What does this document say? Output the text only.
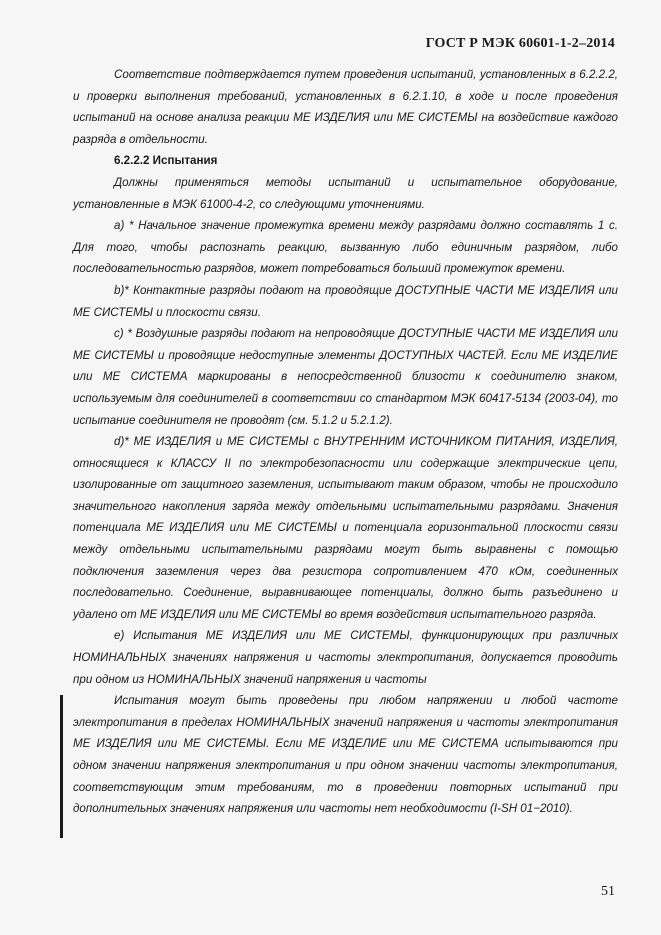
ГОСТ Р МЭК 60601-1-2–2014

Соответствие подтверждается путем проведения испытаний, установленных в 6.2.2.2, и проверки выполнения требований, установленных в 6.2.1.10, в ходе и после проведения испытаний на основе анализа реакции МЕ ИЗДЕЛИЯ или МЕ СИСТЕМЫ на воздействие каждого разряда в отдельности.

6.2.2.2 Испытания

Должны применяться методы испытаний и испытательное оборудование, установленные в МЭК 61000-4-2, со следующими уточнениями.

a) * Начальное значение промежутка времени между разрядами должно составлять 1 с. Для того, чтобы распознать реакцию, вызванную либо единичным разрядом, либо последовательностью разрядов, может потребоваться больший промежуток времени.

b)* Контактные разряды подают на проводящие ДОСТУПНЫЕ ЧАСТИ МЕ ИЗДЕЛИЯ или МЕ СИСТЕМЫ и плоскости связи.

c) * Воздушные разряды подают на непроводящие ДОСТУПНЫЕ ЧАСТИ МЕ ИЗДЕЛИЯ или МЕ СИСТЕМЫ и проводящие недоступные элементы ДОСТУПНЫХ ЧАСТЕЙ. Если МЕ ИЗДЕЛИЕ или МЕ СИСТЕМА маркированы в непосредственной близости к соединителю знаком, используемым для соединителей в соответствии со стандартом МЭК 60417-5134 (2003-04), то испытание соединителя не проводят (см. 5.1.2 и 5.2.1.2).

d)* МЕ ИЗДЕЛИЯ и МЕ СИСТЕМЫ с ВНУТРЕННИМ ИСТОЧНИКОМ ПИТАНИЯ, ИЗДЕЛИЯ, относящиеся к КЛАССУ II по электробезопасности или содержащие электрические цепи, изолированные от защитного заземления, испытывают таким образом, чтобы не происходило значительного накопления заряда между отдельными испытательными разрядами. Значения потенциала МЕ ИЗДЕЛИЯ или МЕ СИСТЕМЫ и потенциала горизонтальной плоскости связи между отдельными испытательными разрядами могут быть выравнены с помощью подключения заземления через два резистора сопротивлением 470 кОм, соединенных последовательно. Соединение, выравнивающее потенциалы, должно быть разъединено и удалено от МЕ ИЗДЕЛИЯ или МЕ СИСТЕМЫ во время воздействия испытательного разряда.

e) Испытания МЕ ИЗДЕЛИЯ или МЕ СИСТЕМЫ, функционирующих при различных НОМИНАЛЬНЫХ значениях напряжения и частоты электропитания, допускается проводить при одном из НОМИНАЛЬНЫХ значений напряжения и частоты

Испытания могут быть проведены при любом напряжении и любой частоте электропитания в пределах НОМИНАЛЬНЫХ значений напряжения и частоты электропитания МЕ ИЗДЕЛИЯ или МЕ СИСТЕМЫ. Если МЕ ИЗДЕЛИЕ или МЕ СИСТЕМА испытываются при одном значении напряжения электропитания и при одном значении частоты электропитания, соответствующим этим требованиям, то в проведении повторных испытаний при дополнительных значениях напряжения или частоты нет необходимости (I-SH 01−2010).

51
